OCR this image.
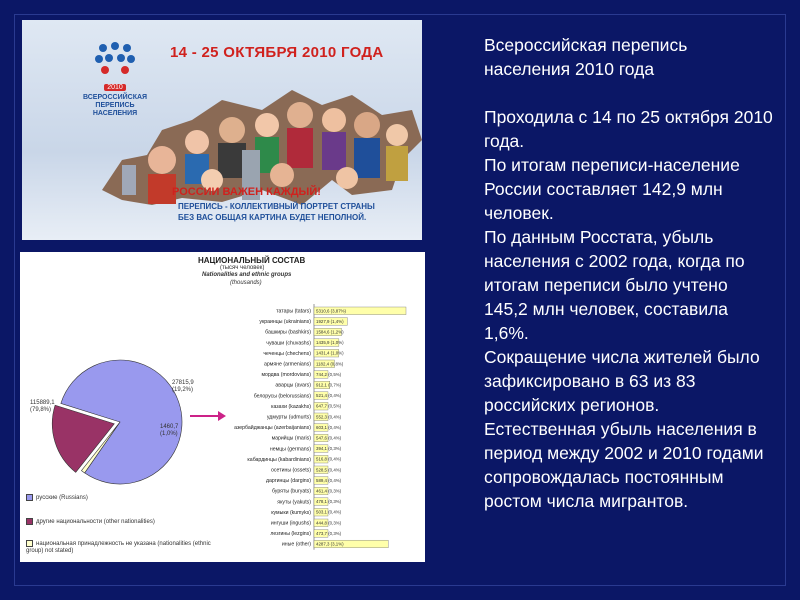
2010
ВСЕРОССИЙСКАЯ
ПЕРЕПИСЬ НАСЕЛЕНИЯ
14 - 25 ОКТЯБРЯ 2010 ГОДА
РОССИИ ВАЖЕН КАЖДЫЙ!
ПЕРЕПИСЬ - КОЛЛЕКТИВНЫЙ ПОРТРЕТ СТРАНЫ
БЕЗ ВАС ОБЩАЯ КАРТИНА БУДЕТ НЕПОЛНОЙ.
НАЦИОНАЛЬНЫЙ СОСТАВ
(тысяч человек)
Nationalities and ethnic groups
(thousands)
115889,1
(79,8%)
27815,9
(19,2%)
1460,7
(1,0%)
русские (Russians)
другие национальности (other nationalities)
национальная принадлежность не указана (nationalities (ethnic group) not stated)
татары (tatars) 5310,6 (3,87%)
украинцы (ukrainians) 1927,9 (1,4%)
башкиры (bashkirs) 1584,6 (1,2%)
чуваши (chuvashs) 1435,9 (1,0%)
чеченцы (chechens) 1431,4 (1,0%)
армяне (armenians) 1182,4 (0,8%)
мордва (mordovians) 744,2 (0,5%)
аварцы (avars) 912,1 (0,7%)
белорусы (belorussians) 521,4 (0,4%)
казахи (kazakhs) 647,7 (0,5%)
удмурты (udmurts) 552,3 (0,4%)
азербайджанцы (azerbaijanians) 603,1 (0,4%)
марийцы (maris) 547,6 (0,4%)
немцы (germans) 394,1 (0,3%)
кабардинцы (kabardinians) 516,8 (0,4%)
осетины (ossets) 528,5 (0,4%)
даргинцы (dargins) 589,4 (0,4%)
буряты (buryats) 461,4 (0,3%)
якуты (yakuts) 478,1 (0,3%)
кумыки (kumyks) 503,1 (0,4%)
ингуши (ingushs) 444,8 (0,3%)
лезгины (lezgins) 473,7 (0,3%)
иные (other) 4287,3 (3,1%)

Всероссийская перепись населения 2010 года

Проходила с 14 по 25 октября 2010 года.

По итогам переписи-население России составляет 142,9 млн человек.

По данным Росстата, убыль населения с 2002 года, когда по итогам переписи было учтено 145,2 млн человек, составила 1,6%.

Сокращение числа жителей было зафиксировано в 63 из 83 российских регионов.

Естественная убыль населения в период между 2002 и 2010 годами сопровождалась постоянным ростом числа мигрантов.
